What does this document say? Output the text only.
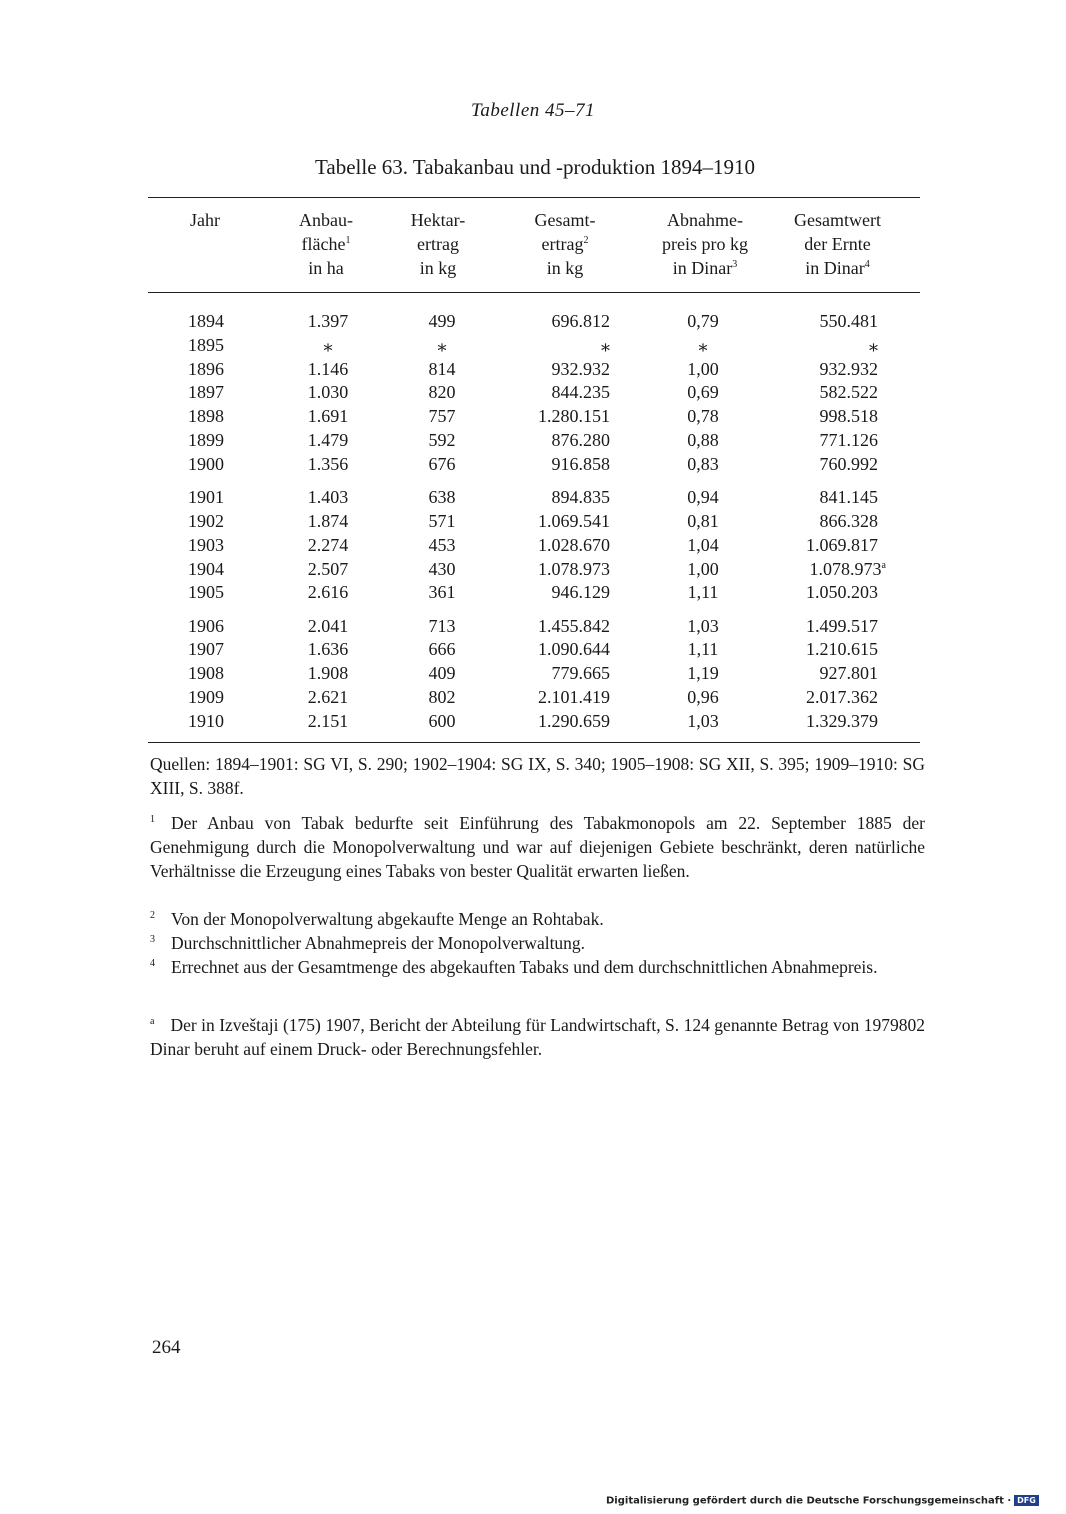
Tabellen 45–71
Tabelle 63. Tabakanbau und -produktion 1894–1910
Jahr	Anbau-
fläche$^1$
in ha
Hektar-
ertrag
in kg
Gesamt-
ertrag$^2$
in kg
Abnahme-
preis pro kg
in Dinar$^3$
Gesamtwert
der Ernte
in Dinar$^4$
1894
1895
1896
1897
1898
1899
1900
1901
1902
1903
1904
1905
1906
1907
1908
1909
1910
1.397
⁎
1.146
1.030
1.691
1.479
1.356
1.403
1.874
2.274
2.507
2.616
2.041
1.636
1.908
2.621
2.151
499
⁎
814
820
757
592
676
638
571
453
430
361
713
666
409
802
600
696.812
⁎
932.932
844.235
1.280.151
876.280
916.858
894.835
1.069.541
1.028.670
1.078.973
946.129
1.455.842
1.090.644
779.665
2.101.419
1.290.659
0,79
⁎
1,00
0,69
0,78
0,88
0,83
0,94
0,81
1,04
1,00
1,11
1,03
1,11
1,19
0,96
1,03
550.481
⁎
932.932
582.522
998.518
771.126
760.992
841.145
866.328
1.069.817
1.078.973$^a$
1.050.203
1.499.517
1.210.615
927.801
2.017.362
1.329.379
Quellen: 1894–1901: SG VI, S. 290; 1902–1904: SG IX, S. 340; 1905–1908: SG XII, S. 395; 1909–1910: SG XIII, S. 388f.
$^1$ Der Anbau von Tabak bedurfte seit Einführung des Tabakmonopols am 22. September 1885 der Genehmigung durch die Monopolverwaltung und war auf diejenigen Gebiete beschränkt, deren natürliche Verhältnisse die Erzeugung eines Tabaks von bester Qualität erwarten ließen.
$^2$ Von der Monopolverwaltung abgekaufte Menge an Rohtabak.
$^3$ Durchschnittlicher Abnahmepreis der Monopolverwaltung.
$^4$ Errechnet aus der Gesamtmenge des abgekauften Tabaks und dem durchschnittlichen Abnahmepreis.
$^a$ Der in Izveštaji (175) 1907, Bericht der Abteilung für Landwirtschaft, S. 124 genannte Betrag von 1979802 Dinar beruht auf einem Druck- oder Berechnungsfehler.
264
Digitalisierung gefördert durch die Deutsche Forschungsgemeinschaft · DFG
